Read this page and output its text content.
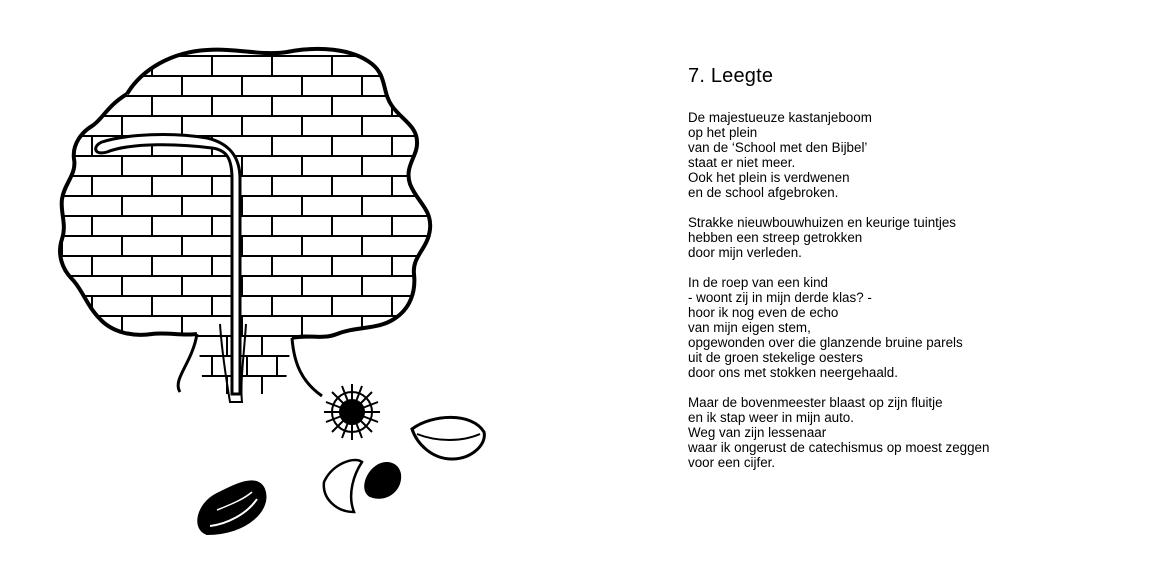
7. Leegte
De majestueuze kastanjeboom
op het plein
van de ‘School met den Bijbel’
staat er niet meer.
Ook het plein is verdwenen
en de school afgebroken.
Strakke nieuwbouwhuizen en keurige tuintjes
hebben een streep getrokken
door mijn verleden.
In de roep van een kind
- woont zij in mijn derde klas? -
hoor ik nog even de echo
van mijn eigen stem,
opgewonden over die glanzende bruine parels
uit de groen stekelige oesters
door ons met stokken neergehaald.
Maar de bovenmeester blaast op zijn fluitje
en ik stap weer in mijn auto.
Weg van zijn lessenaar
waar ik ongerust de catechismus op moest zeggen
voor een cijfer.
